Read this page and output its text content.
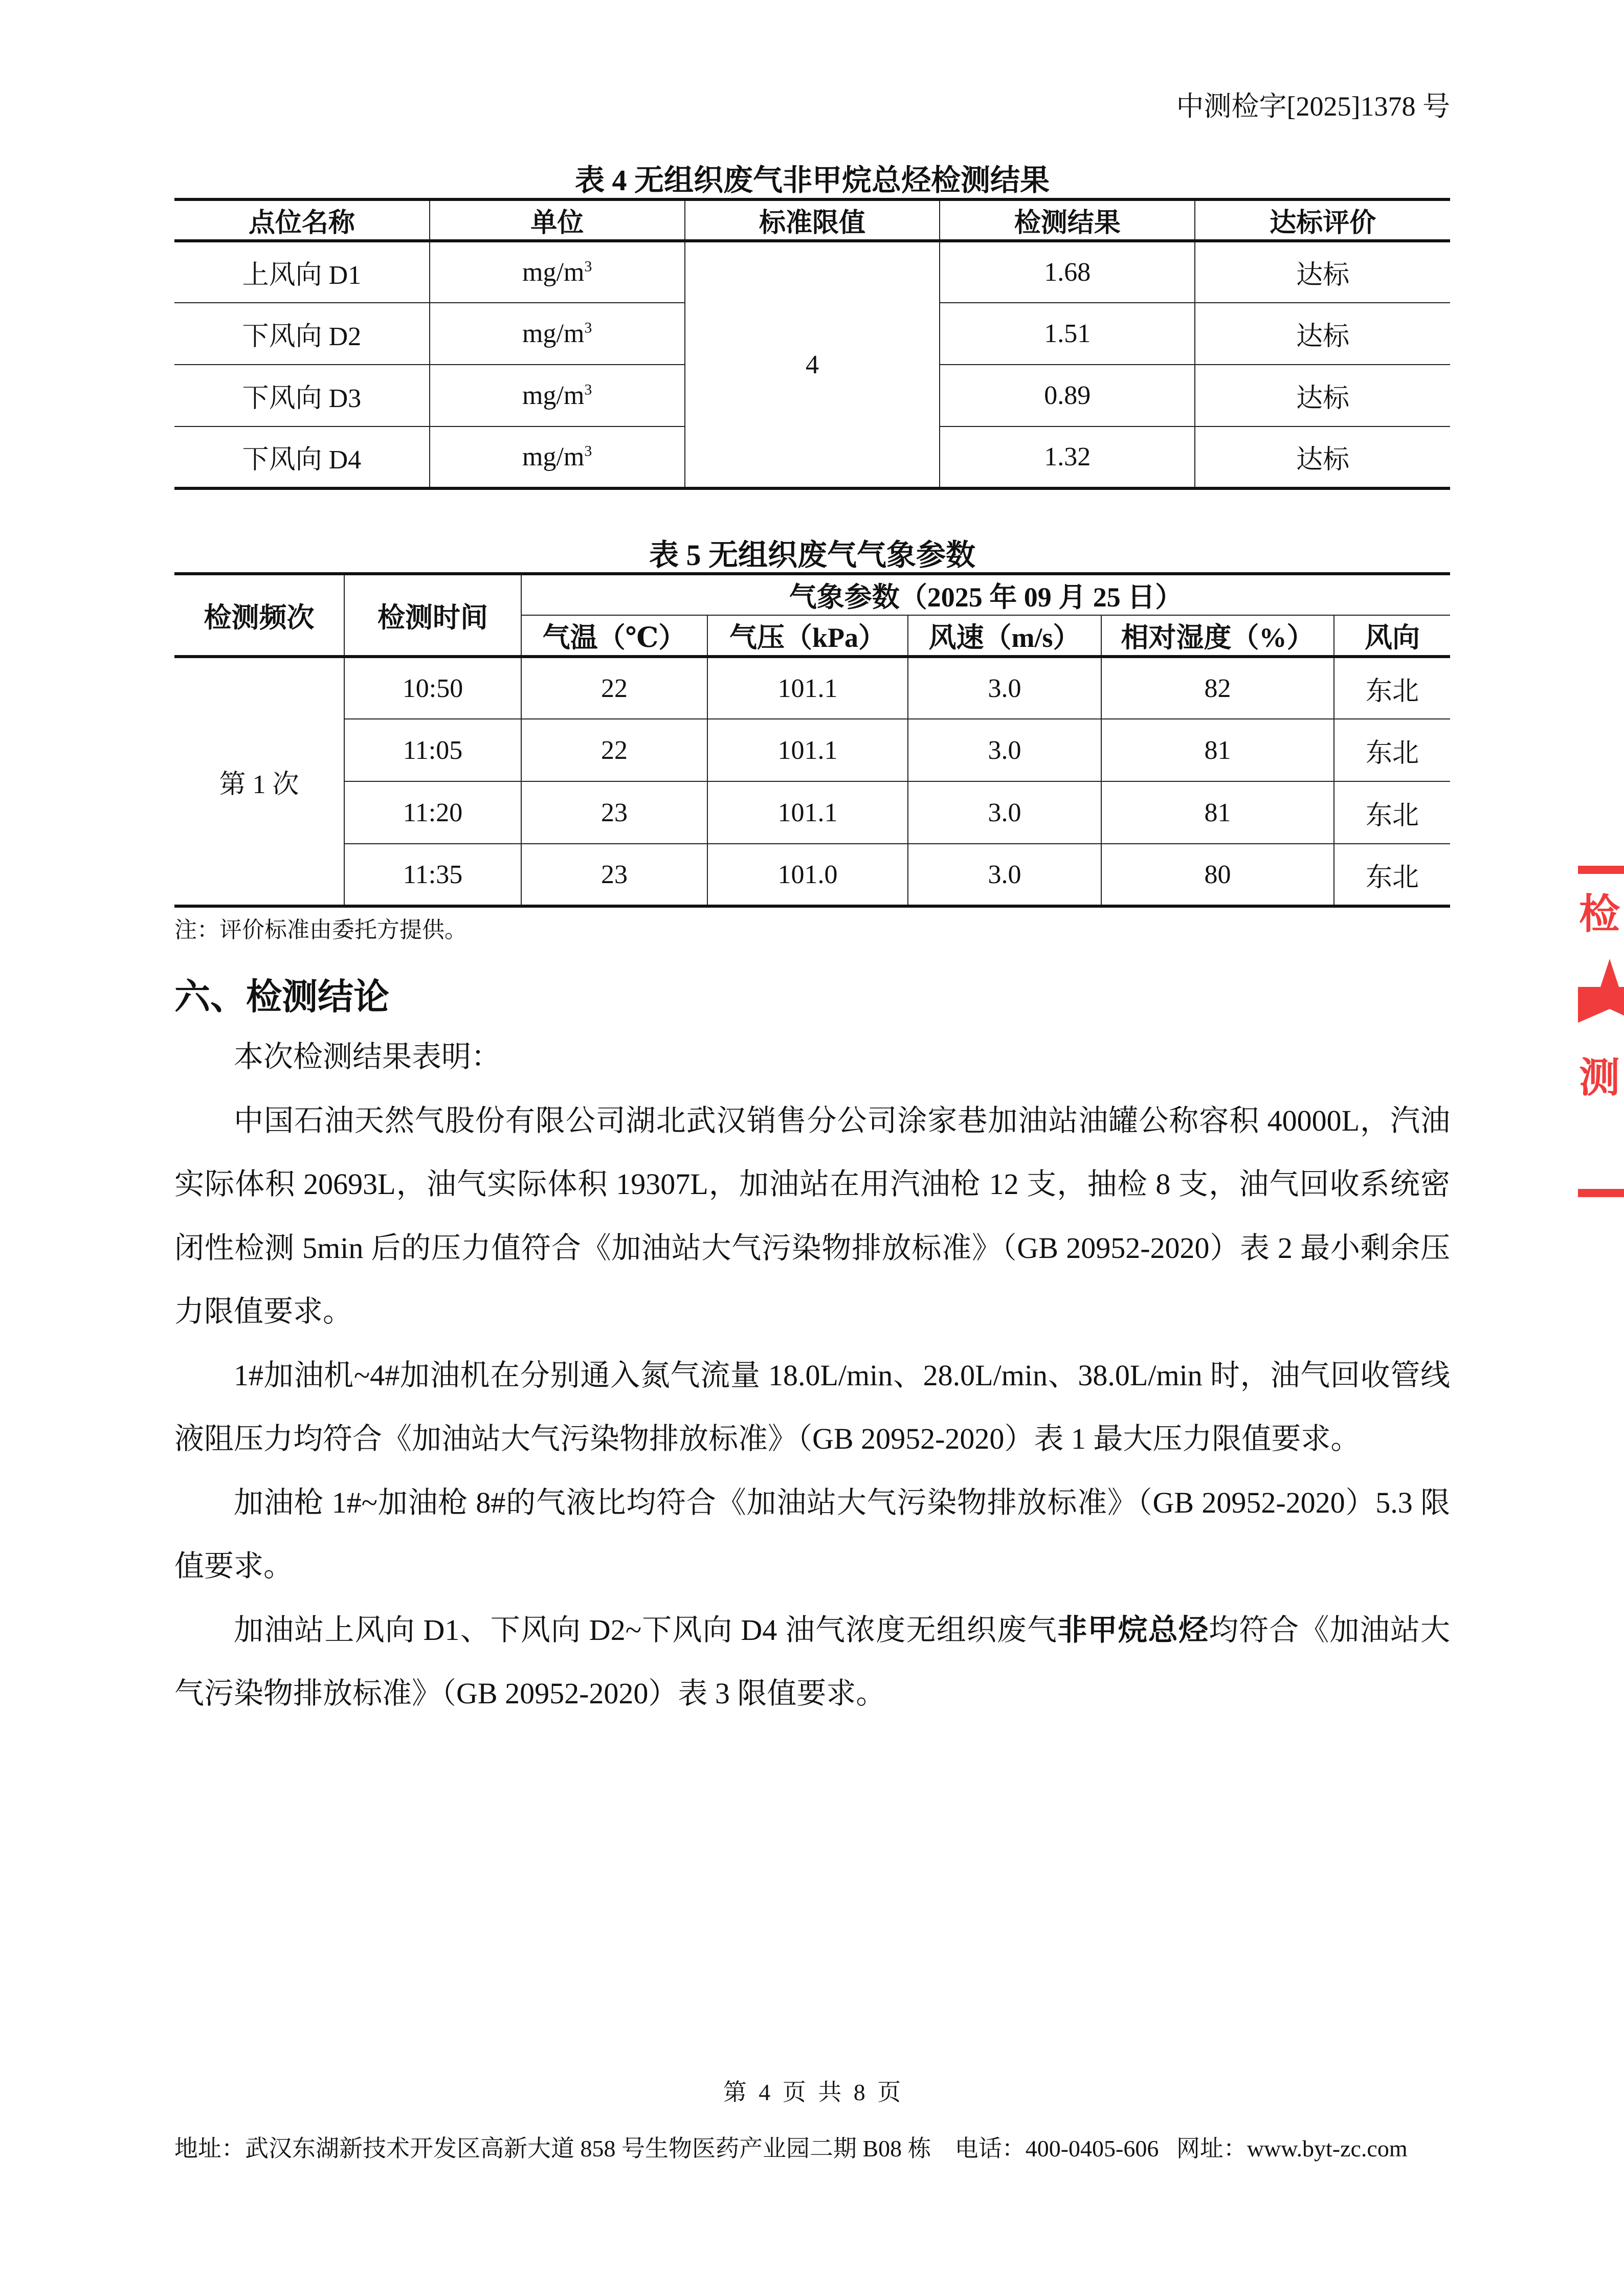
中测检字[2025]1378 号
表 4 无组织废气非甲烷总烃检测结果
点位名称	单位	标准限值	检测结果	达标评价
上风向 D1	$mg/m^3$	4	1.68	达标
下风向 D2	$mg/m^3$		1.51	达标
下风向 D3	$mg/m^3$		0.89	达标
下风向 D4	$mg/m^3$		1.32	达标
表 5 无组织废气气象参数
检测频次	检测时间	气象参数（2025 年 09 月 25 日）				
		气温（℃）	气压（kPa）	风速（m/s）	相对湿度（%）	风向
第 1 次	10:50	22	101.1	3.0	82	东北
	11:05	22	101.1	3.0	81	东北
	11:20	23	101.1	3.0	81	东北
	11:35	23	101.0	3.0	80	东北
注：评价标准由委托方提供。
六、检测结论

本次检测结果表明：

中国石油天然气股份有限公司湖北武汉销售分公司涂家巷加油站油罐公称容积 40000L，汽油实际体积 20693L，油气实际体积 19307L，加油站在用汽油枪 12 支，抽检 8 支，油气回收系统密闭性检测 5min 后的压力值符合《加油站大气污染物排放标准》（GB 20952-2020）表 2 最小剩余压力限值要求。

1#加油机~4#加油机在分别通入氮气流量 18.0L/min、28.0L/min、38.0L/min 时，油气回收管线液阻压力均符合《加油站大气污染物排放标准》（GB 20952-2020）表 1 最大压力限值要求。

加油枪 1#~加油枪 8#的气液比均符合《加油站大气污染物排放标准》（GB 20952-2020）5.3 限值要求。

加油站上风向 D1、下风向 D2~下风向 D4 油气浓度无组织废气非甲烷总烃均符合《加油站大气污染物排放标准》（GB 20952-2020）表 3 限值要求。

检
测
第 4 页 共 8 页
地址：武汉东湖新技术开发区高新大道 858 号生物医药产业园二期 B08 栋 电话：400-0405-606 网址：www.byt-zc.com
